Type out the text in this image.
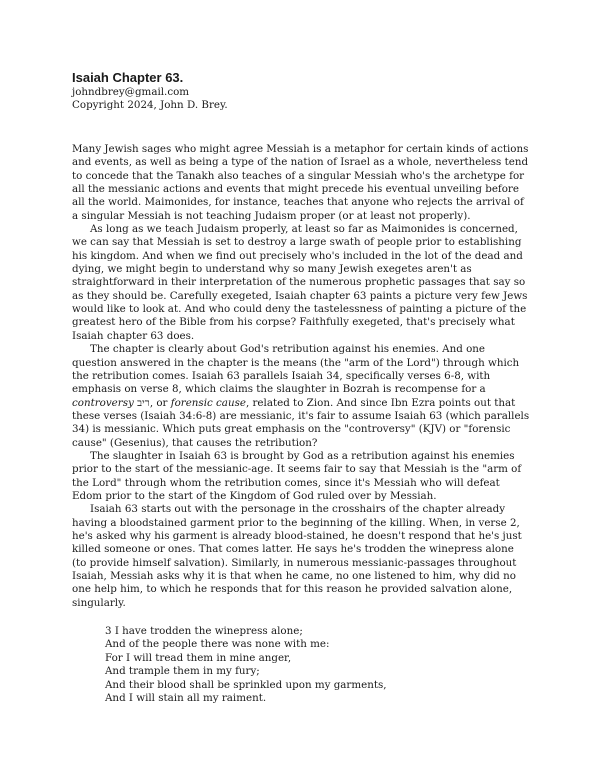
Isaiah Chapter 63.

johndbrey@gmail.com

Copyright 2024, John D. Brey.

Many Jewish sages who might agree Messiah is a metaphor for certain kinds of actions and events, as well as being a type of the nation of Israel as a whole, nevertheless tend to concede that the Tanakh also teaches of a singular Messiah who's the archetype for all the messianic actions and events that might precede his eventual unveiling before all the world. Maimonides, for instance, teaches that anyone who rejects the arrival of a singular Messiah is not teaching Judaism proper (or at least not properly).

As long as we teach Judaism properly, at least so far as Maimonides is concerned, we can say that Messiah is set to destroy a large swath of people prior to establishing his kingdom. And when we find out precisely who's included in the lot of the dead and dying, we might begin to understand why so many Jewish exegetes aren't as straightforward in their interpretation of the numerous prophetic passages that say so as they should be. Carefully exegeted, Isaiah chapter 63 paints a picture very few Jews would like to look at. And who could deny the tastelessness of painting a picture of the greatest hero of the Bible from his corpse? Faithfully exegeted, that's precisely what Isaiah chapter 63 does.

The chapter is clearly about God's retribution against his enemies. And one question answered in the chapter is the means (the "arm of the Lord") through which the retribution comes. Isaiah 63 parallels Isaiah 34, specifically verses 6-8, with emphasis on verse 8, which claims the slaughter in Bozrah is recompense for a controversy ריב, or forensic cause, related to Zion. And since Ibn Ezra points out that these verses (Isaiah 34:6-8) are messianic, it's fair to assume Isaiah 63 (which parallels 34) is messianic. Which puts great emphasis on the "controversy" (KJV) or "forensic cause" (Gesenius), that causes the retribution?

The slaughter in Isaiah 63 is brought by God as a retribution against his enemies prior to the start of the messianic-age. It seems fair to say that Messiah is the "arm of the Lord" through whom the retribution comes, since it's Messiah who will defeat Edom prior to the start of the Kingdom of God ruled over by Messiah.

Isaiah 63 starts out with the personage in the crosshairs of the chapter already having a bloodstained garment prior to the beginning of the killing. When, in verse 2, he's asked why his garment is already blood-stained, he doesn't respond that he's just killed someone or ones. That comes latter. He says he's trodden the winepress alone (to provide himself salvation). Similarly, in numerous messianic-passages throughout Isaiah, Messiah asks why it is that when he came, no one listened to him, why did no one help him, to which he responds that for this reason he provided salvation alone, singularly.

3 I have trodden the winepress alone;

And of the people there was none with me:

For I will tread them in mine anger,

And trample them in my fury;

And their blood shall be sprinkled upon my garments,

And I will stain all my raiment.
